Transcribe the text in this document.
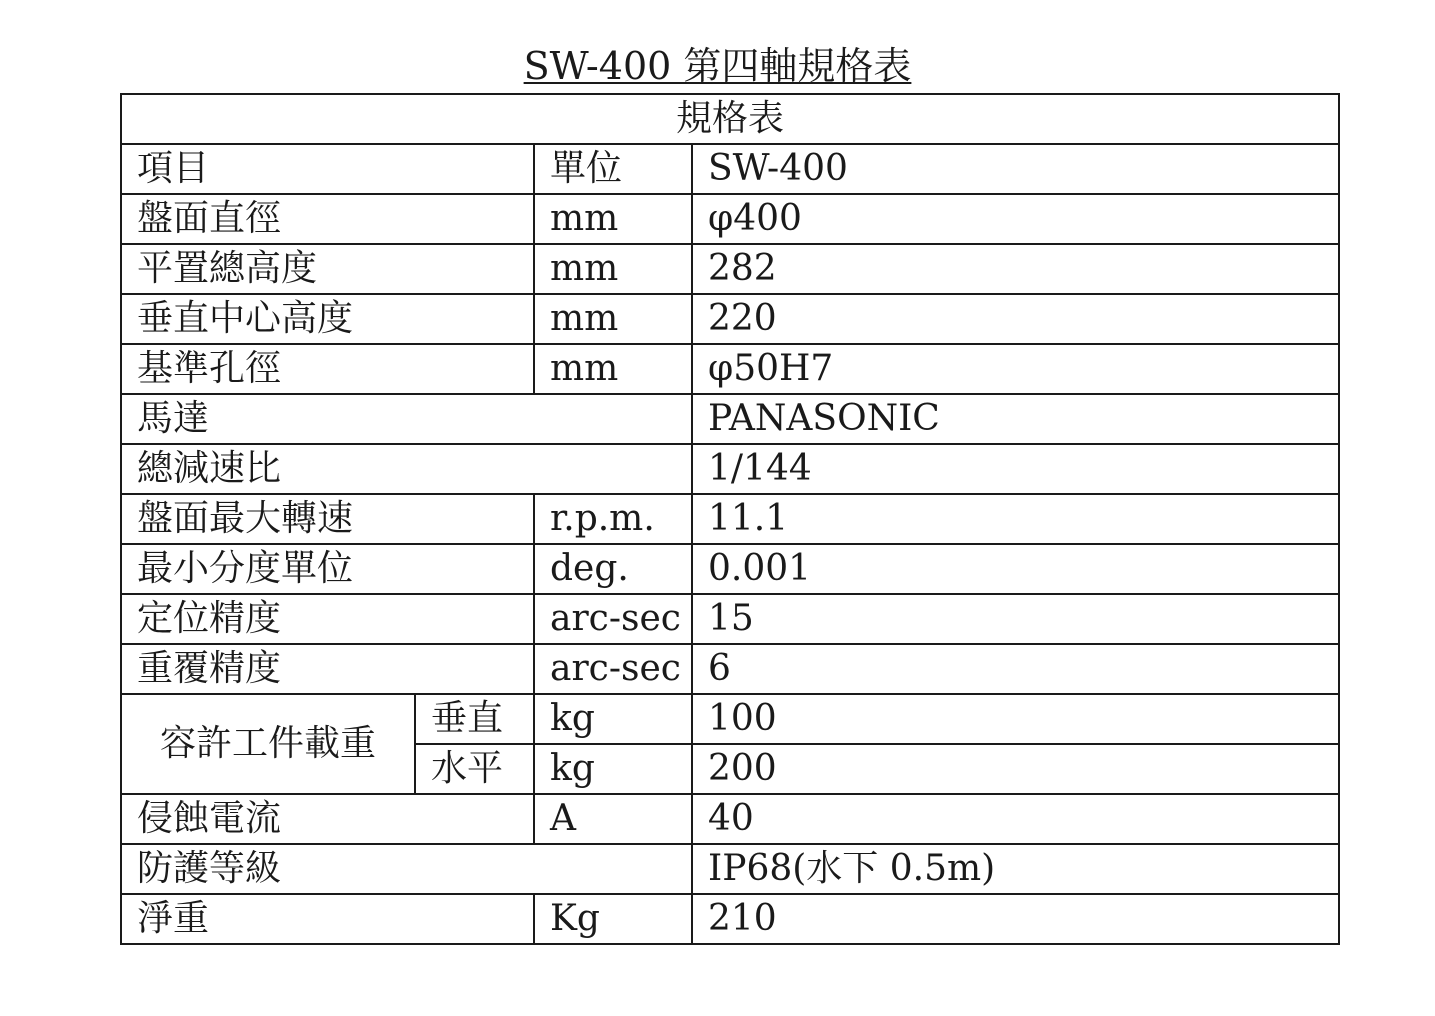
SW-400 第四軸規格表
規格表			
項目		單位	SW-400
盤面直徑		mm	φ400
平置總高度		mm	282
垂直中心高度		mm	220
基準孔徑		mm	φ50H7
馬達			PANASONIC
總減速比			1/144
盤面最大轉速		r.p.m.	11.1
最小分度單位		deg.	0.001
定位精度		arc-sec	15
重覆精度		arc-sec	6
容許工件載重	垂直	kg	100
	水平	kg	200
侵蝕電流		A	40
防護等級			IP68(水下 0.5m)
淨重		Kg	210
